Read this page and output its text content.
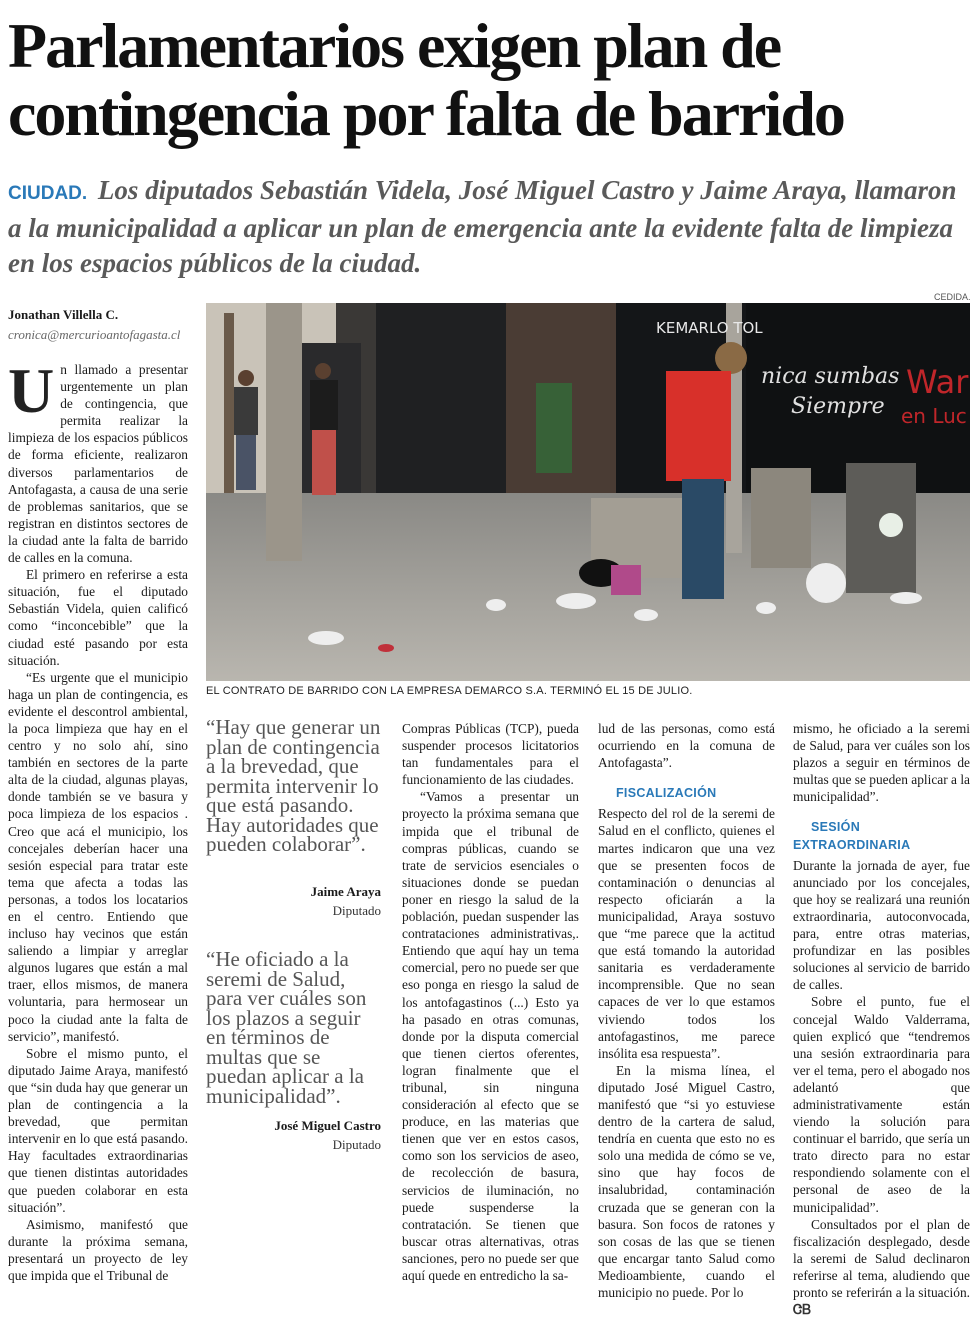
Parlamentarios exigen plan de
contingencia por falta de barrido
CIUDAD. Los diputados Sebastián Videla, José Miguel Castro y Jaime Araya, llamaron a la municipalidad a aplicar un plan de emergencia ante la evidente falta de limpieza en los espacios públicos de la ciudad.
Jonathan Villella C.
cronica@mercurioantofagasta.cl

Un llamado a presentar urgentemente un plan de contingencia, que permita realizar la limpieza de los espacios públicos de forma eficiente, realizaron diversos parlamentarios de Antofagasta, a causa de una serie de problemas sanitarios, que se registran en distintos sectores de la ciudad ante la falta de barrido de calles en la comuna.

El primero en referirse a esta situación, fue el diputado Sebastián Videla, quien calificó como “inconcebible” que la ciudad esté pasando por esta situación.

“Es urgente que el municipio haga un plan de contingencia, es evidente el descontrol ambiental, la poca limpieza que hay en el centro y no solo ahí, sino también en sectores de la parte alta de la ciudad, algunas playas, donde también se ve basura y poca limpieza de los espacios . Creo que acá el municipio, los concejales deberían hacer una sesión especial para tratar este tema que afecta a todas las personas, a todos los locatarios en el centro. Entiendo que incluso hay vecinos que están saliendo a limpiar y arreglar algunos lugares que están a mal traer, ellos mismos, de manera voluntaria, para hermosear un poco la ciudad ante la falta de servicio”, manifestó.

Sobre el mismo punto, el diputado Jaime Araya, manifestó que “sin duda hay que generar un plan de contingencia a la brevedad, que permitan intervenir en lo que está pasando. Hay facultades extraordinarias que tienen distintas autoridades que pueden colaborar en esta situación”.

Asimismo, manifestó que durante la próxima semana, presentará un proyecto de ley que impida que el Tribunal de

CEDIDA.
KEMARLO TOL
nica sumbas
Siempre
War
en Luc
EL CONTRATO DE BARRIDO CON LA EMPRESA DEMARCO S.A. TERMINÓ EL 15 DE JULIO.
“Hay que generar un plan de contingencia a la brevedad, que permita intervenir lo que está pasando. Hay autoridades que pueden colaborar”.
Jaime Araya
Diputado
“He oficiado a la seremi de Salud, para ver cuáles son los plazos a seguir en términos de multas que se puedan aplicar a la municipalidad”.
José Miguel Castro
Diputado

Compras Públicas (TCP), pueda suspender procesos licitatorios tan fundamentales para el funcionamiento de las ciudades.

“Vamos a presentar un proyecto la próxima semana que impida que el tribunal de compras públicas, cuando se trate de servicios esenciales o situaciones donde se puedan poner en riesgo la salud de la población, puedan suspender las contrataciones administrativas,. Entiendo que aquí hay un tema comercial, pero no puede ser que eso ponga en riesgo la salud de los antofagastinos (...) Esto ya ha pasado en otras comunas, donde por la disputa comercial que tienen ciertos oferentes, logran finalmente que el tribunal, sin ninguna consideración al efecto que se produce, en las materias que tienen que ver en estos casos, como son los servicios de aseo, de recolección de basura, servicios de iluminación, no puede suspenderse la contratación. Se tienen que buscar otras alternativas, otras sanciones, pero no puede ser que aquí quede en entredicho la sa-

lud de las personas, como está ocurriendo en la comuna de Antofagasta”.

FISCALIZACIÓN

Respecto del rol de la seremi de Salud en el conflicto, quienes el martes indicaron que una vez que se presenten focos de contaminación o denuncias al respecto oficiarán a la municipalidad, Araya sostuvo que “me parece que la actitud que está tomando la autoridad sanitaria es verdaderamente incomprensible. Que no sean capaces de ver lo que estamos viviendo todos los antofagastinos, me parece insólita esa respuesta”.

En la misma línea, el diputado José Miguel Castro, manifestó que “si yo estuviese dentro de la cartera de salud, tendría en cuenta que esto no es solo una medida de cómo se ve, sino que hay focos de insalubridad, contaminación cruzada que se generan con la basura. Son focos de ratones y son cosas de las que se tienen que encargar tanto Salud como Medioambiente, cuando el municipio no puede. Por lo

mismo, he oficiado a la seremi de Salud, para ver cuáles son los plazos a seguir en términos de multas que se pueden aplicar a la municipalidad”.

SESIÓN EXTRAORDINARIA

Durante la jornada de ayer, fue anunciado por los concejales, que hoy se realizará una reunión extraordinaria, autoconvocada, para, entre otras materias, profundizar en las posibles soluciones al servicio de barrido de calles.

Sobre el punto, fue el concejal Waldo Valderrama, quien explicó que “tendremos una sesión extraordinaria para ver el tema, pero el abogado nos adelantó que administrativamente están viendo la solución para continuar el barrido, que sería un trato directo para no estar respondiendo solamente con el personal de aseo de la municipalidad”.

Consultados por el plan de fiscalización desplegado, desde la seremi de Salud declinaron referirse al tema, aludiendo que pronto se referirán a la situación. ᏣᏴ
